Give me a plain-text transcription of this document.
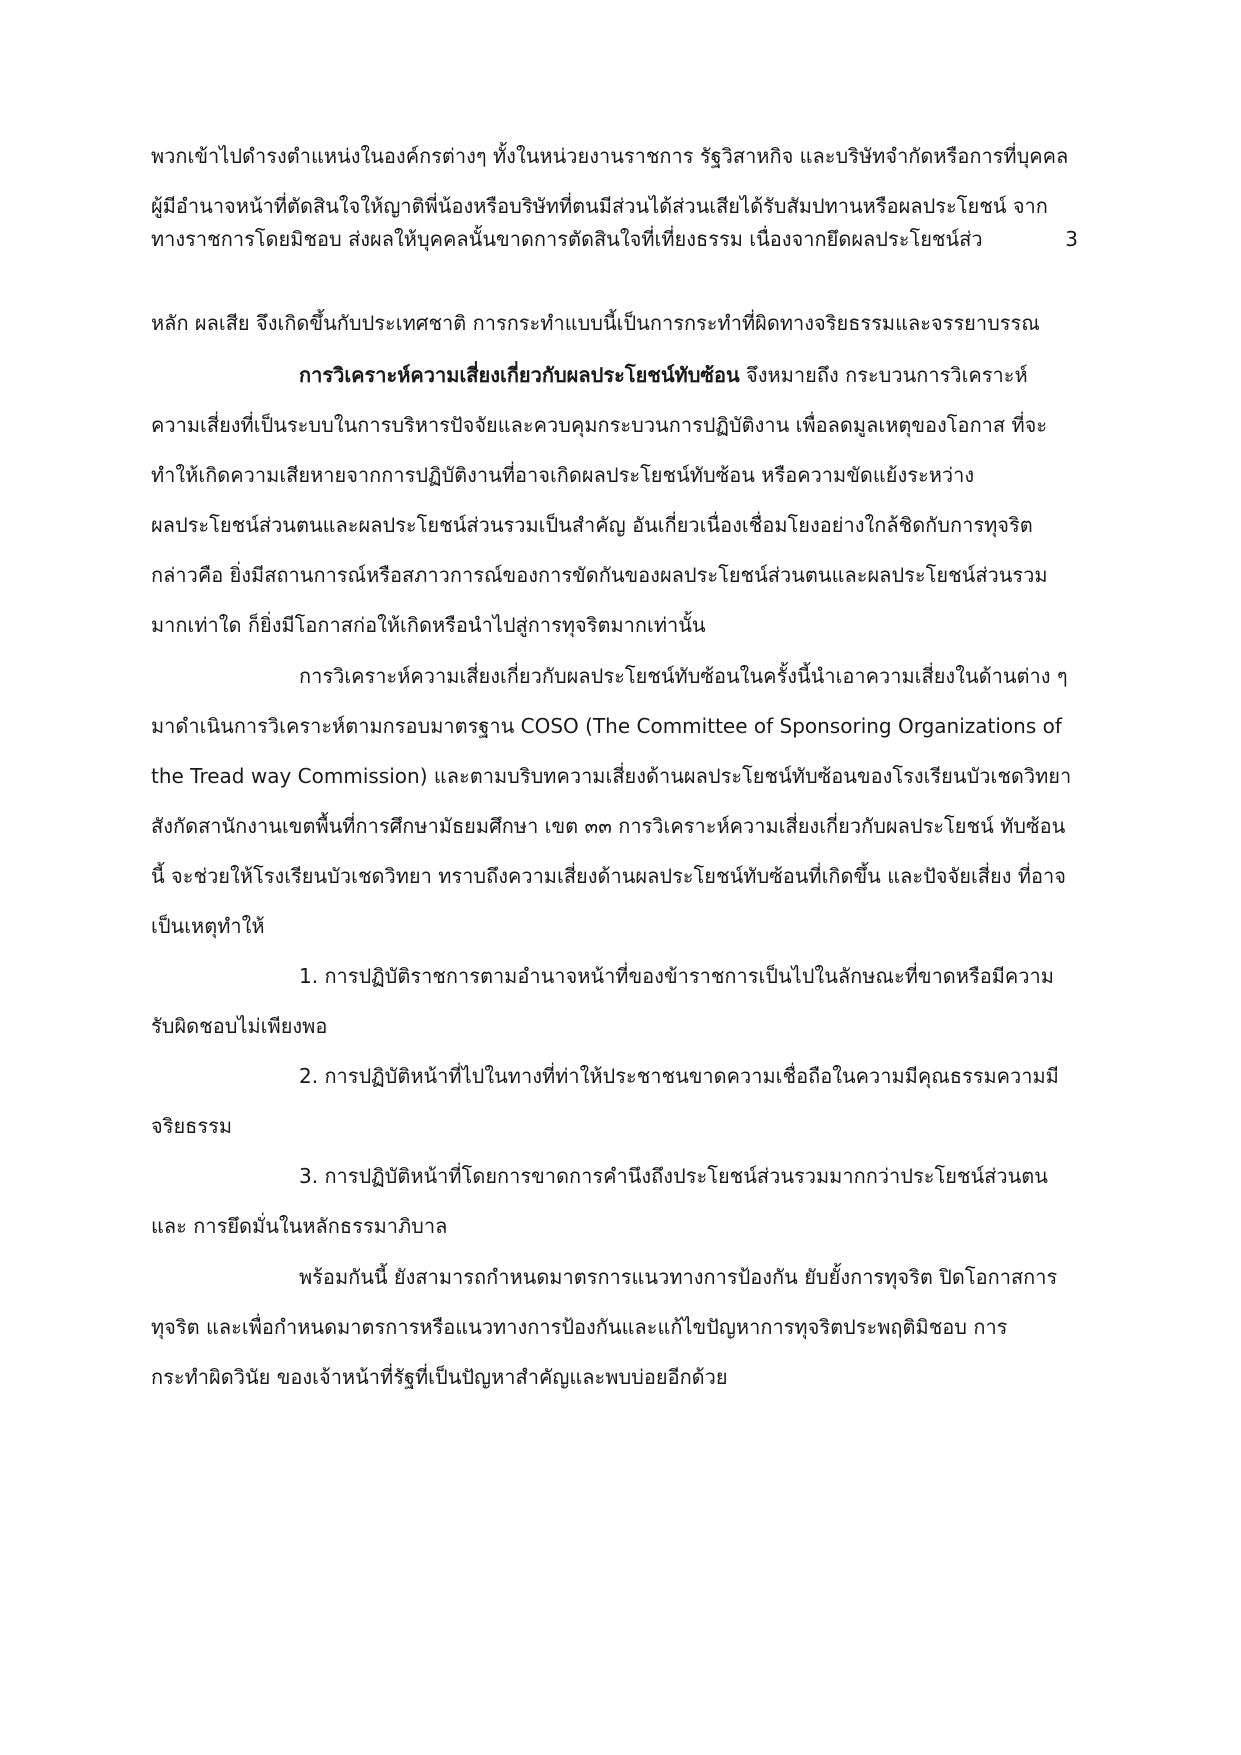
พวกเข้าไปดำรงตำแหน่งในองค์กรต่างๆ ทั้งในหน่วยงานราชการ รัฐวิสาหกิจ และบริษัทจำกัดหรือการที่บุคคล
ผู้มีอำนาจหน้าที่ตัดสินใจให้ญาติพี่น้องหรือบริษัทที่ตนมีส่วนได้ส่วนเสียได้รับสัมปทานหรือผลประโยชน์ จาก
ทางราชการโดยมิชอบ ส่งผลให้บุคคลนั้นขาดการตัดสินใจที่เที่ยงธรรม เนื่องจากยึดผลประโยชน์ส่ว	3
หลัก ผลเสีย จึงเกิดขึ้นกับประเทศชาติ การกระทำแบบนี้เป็นการกระทำที่ผิดทางจริยธรรมและจรรยาบรรณ
การวิเคราะห์ความเสี่ยงเกี่ยวกับผลประโยชน์ทับซ้อน จึงหมายถึง กระบวนการวิเคราะห์
ความเสี่ยงที่เป็นระบบในการบริหารปัจจัยและควบคุมกระบวนการปฏิบัติงาน เพื่อลดมูลเหตุของโอกาส ที่จะ
ทำให้เกิดความเสียหายจากการปฏิบัติงานที่อาจเกิดผลประโยชน์ทับซ้อน หรือความขัดแย้งระหว่าง
ผลประโยชน์ส่วนตนและผลประโยชน์ส่วนรวมเป็นสำคัญ อันเกี่ยวเนื่องเชื่อมโยงอย่างใกล้ชิดกับการทุจริต
กล่าวคือ ยิ่งมีสถานการณ์หรือสภาวการณ์ของการขัดกันของผลประโยชน์ส่วนตนและผลประโยชน์ส่วนรวม
มากเท่าใด ก็ยิ่งมีโอกาสก่อให้เกิดหรือนำไปสู่การทุจริตมากเท่านั้น
การวิเคราะห์ความเสี่ยงเกี่ยวกับผลประโยชน์ทับซ้อนในครั้งนี้นำเอาความเสี่ยงในด้านต่าง ๆ
มาดำเนินการวิเคราะห์ตามกรอบมาตรฐาน COSO (The Committee of Sponsoring Organizations of
the Tread way Commission) และตามบริบทความเสี่ยงด้านผลประโยชน์ทับซ้อนของโรงเรียนบัวเชดวิทยา
สังกัดสานักงานเขตพื้นที่การศึกษามัธยมศึกษา เขต ๓๓ การวิเคราะห์ความเสี่ยงเกี่ยวกับผลประโยชน์ ทับซ้อน
นี้ จะช่วยให้โรงเรียนบัวเชดวิทยา ทราบถึงความเสี่ยงด้านผลประโยชน์ทับซ้อนที่เกิดขึ้น และปัจจัยเสี่ยง ที่อาจ
เป็นเหตุทำให้
1. การปฏิบัติราชการตามอำนาจหน้าที่ของข้าราชการเป็นไปในลักษณะที่ขาดหรือมีความ
รับผิดชอบไม่เพียงพอ
2. การปฏิบัติหน้าที่ไปในทางที่ท่าให้ประชาชนขาดความเชื่อถือในความมีคุณธรรมความมี
จริยธรรม
3. การปฏิบัติหน้าที่โดยการขาดการคำนึงถึงประโยชน์ส่วนรวมมากกว่าประโยชน์ส่วนตน
และ การยึดมั่นในหลักธรรมาภิบาล
พร้อมกันนี้ ยังสามารถกำหนดมาตรการแนวทางการป้องกัน ยับยั้งการทุจริต ปิดโอกาสการ
ทุจริต และเพื่อกำหนดมาตรการหรือแนวทางการป้องกันและแก้ไขปัญหาการทุจริตประพฤติมิชอบ การ
กระทำผิดวินัย ของเจ้าหน้าที่รัฐที่เป็นปัญหาสำคัญและพบบ่อยอีกด้วย
